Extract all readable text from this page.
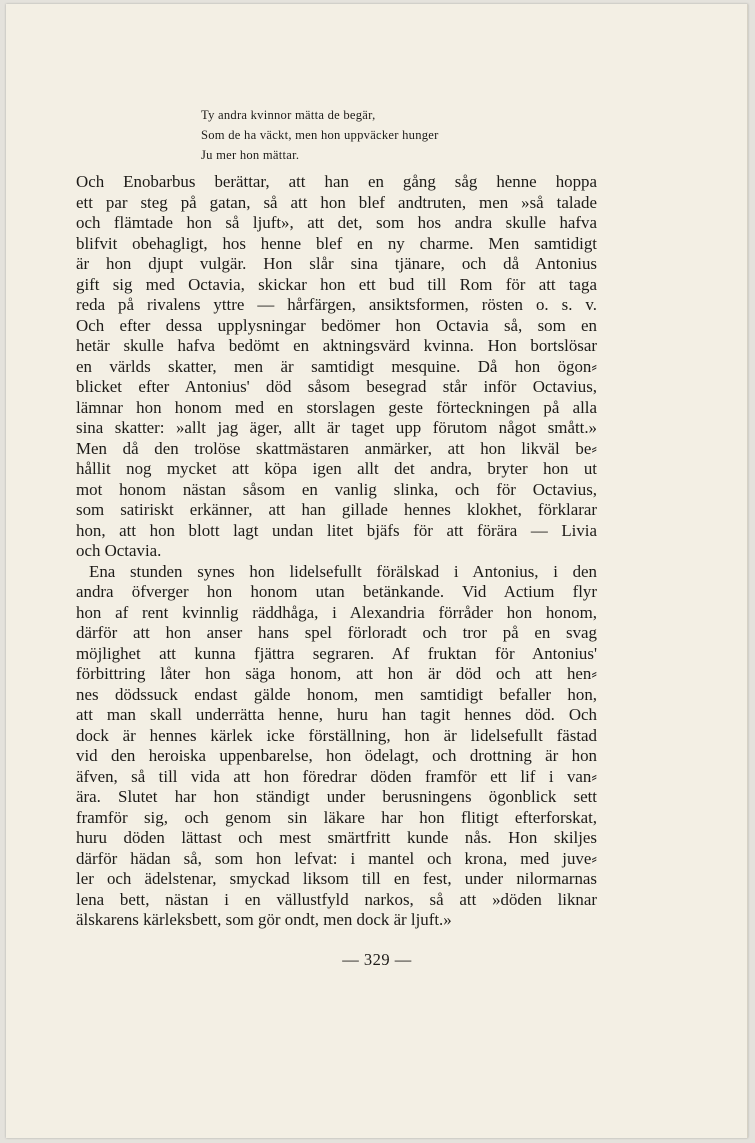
Ty andra kvinnor mätta de begär,
Som de ha väckt, men hon uppväcker hunger
Ju mer hon mättar.

Och Enobarbus berättar, att han en gång såg henne hoppa
ett par steg på gatan, så att hon blef andtruten, men »så talade
och flämtade hon så ljuft», att det, som hos andra skulle hafva
blifvit obehagligt, hos henne blef en ny charme. Men samtidigt
är hon djupt vulgär. Hon slår sina tjänare, och då Antonius
gift sig med Octavia, skickar hon ett bud till Rom för att taga
reda på rivalens yttre — hårfärgen, ansiktsformen, rösten o. s. v.
Och efter dessa upplysningar bedömer hon Octavia så, som en
hetär skulle hafva bedömt en aktningsvärd kvinna. Hon bortslösar
en världs skatter, men är samtidigt mesquine. Då hon ögon⸗
blicket efter Antonius' död såsom besegrad står inför Octavius,
lämnar hon honom med en storslagen geste förteckningen på alla
sina skatter: »allt jag äger, allt är taget upp förutom något smått.»
Men då den trolöse skattmästaren anmärker, att hon likväl be⸗
hållit nog mycket att köpa igen allt det andra, bryter hon ut
mot honom nästan såsom en vanlig slinka, och för Octavius,
som satiriskt erkänner, att han gillade hennes klokhet, förklarar
hon, att hon blott lagt undan litet bjäfs för att förära — Livia
och Octavia.

Ena stunden synes hon lidelsefullt förälskad i Antonius, i den
andra öfverger hon honom utan betänkande. Vid Actium flyr
hon af rent kvinnlig räddhåga, i Alexandria förråder hon honom,
därför att hon anser hans spel förloradt och tror på en svag
möjlighet att kunna fjättra segraren. Af fruktan för Antonius'
förbittring låter hon säga honom, att hon är död och att hen⸗
nes dödssuck endast gälde honom, men samtidigt befaller hon,
att man skall underrätta henne, huru han tagit hennes död. Och
dock är hennes kärlek icke förställning, hon är lidelsefullt fästad
vid den heroiska uppenbarelse, hon ödelagt, och drottning är hon
äfven, så till vida att hon föredrar döden framför ett lif i van⸗
ära. Slutet har hon ständigt under berusningens ögonblick sett
framför sig, och genom sin läkare har hon flitigt efterforskat,
huru döden lättast och mest smärtfritt kunde nås. Hon skiljes
därför hädan så, som hon lefvat: i mantel och krona, med juve⸗
ler och ädelstenar, smyckad liksom till en fest, under nilormarnas
lena bett, nästan i en vällustfyld narkos, så att »döden liknar
älskarens kärleksbett, som gör ondt, men dock är ljuft.»

— 329 —
